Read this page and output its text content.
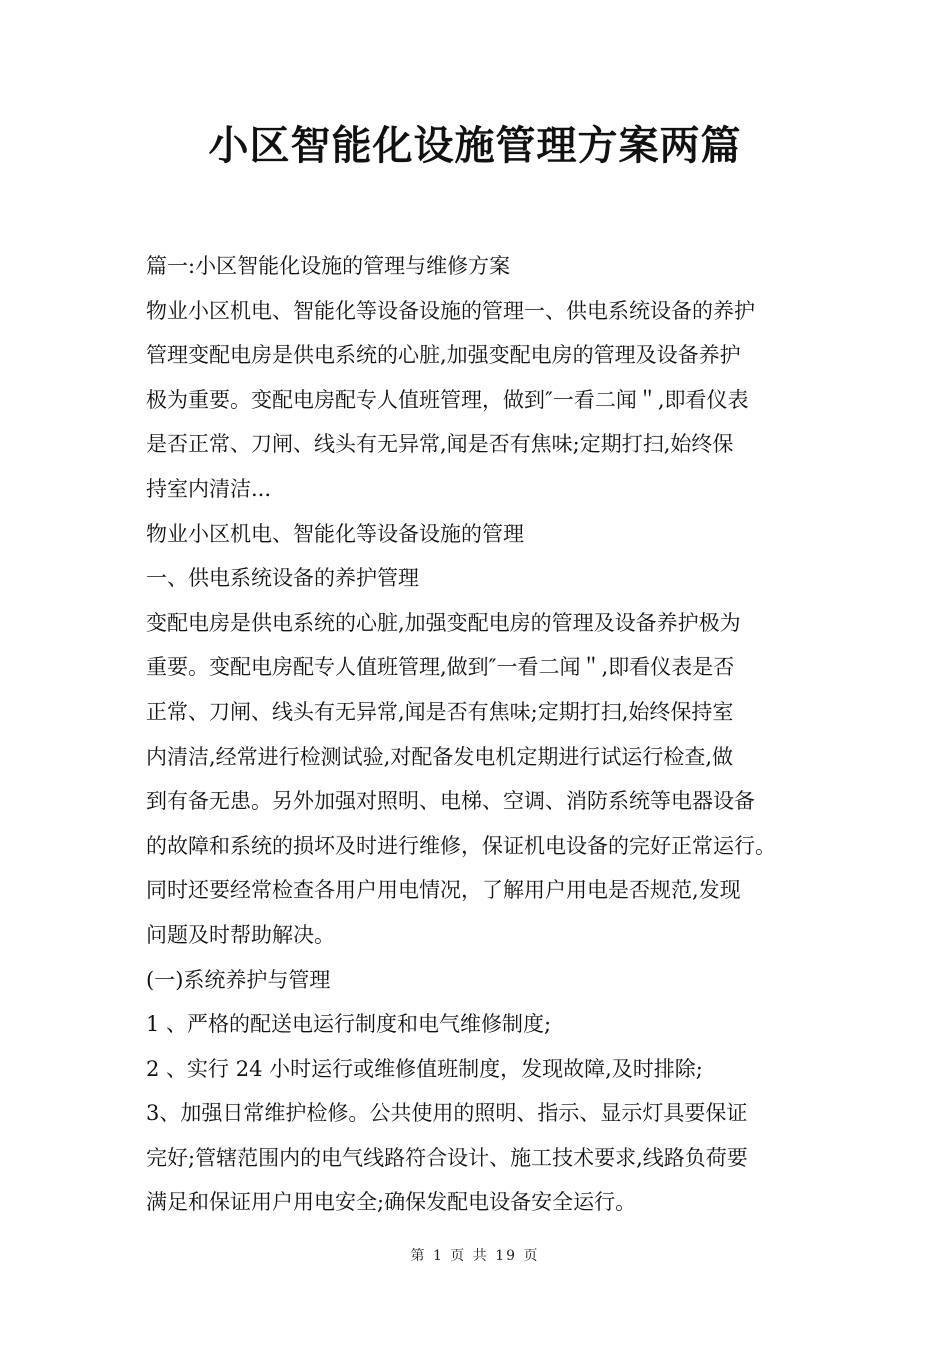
小区智能化设施管理方案两篇

篇一:小区智能化设施的管理与维修方案

物业小区机电、智能化等设备设施的管理一、供电系统设备的养护

管理变配电房是供电系统的心脏,加强变配电房的管理及设备养护

极为重要。变配电房配专人值班管理，做到″一看二闻＂,即看仪表

是否正常、刀闸、线头有无异常,闻是否有焦味;定期打扫,始终保

持室内清洁...

物业小区机电、智能化等设备设施的管理

一、供电系统设备的养护管理

变配电房是供电系统的心脏,加强变配电房的管理及设备养护极为

重要。变配电房配专人值班管理,做到″一看二闻＂,即看仪表是否

正常、刀闸、线头有无异常,闻是否有焦味;定期打扫,始终保持室

内清洁,经常进行检测试验,对配备发电机定期进行试运行检查,做

到有备无患。另外加强对照明、电梯、空调、消防系统等电器设备

的故障和系统的损坏及时进行维修，保证机电设备的完好正常运行。

同时还要经常检查各用户用电情况，了解用户用电是否规范,发现

问题及时帮助解决。

(一)系统养护与管理

1 、严格的配送电运行制度和电气维修制度;

2 、实行 24 小时运行或维修值班制度，发现故障,及时排除;

3、加强日常维护检修。公共使用的照明、指示、显示灯具要保证

完好;管辖范围内的电气线路符合设计、施工技术要求,线路负荷要

满足和保证用户用电安全;确保发配电设备安全运行。

第 1 页 共 19 页
